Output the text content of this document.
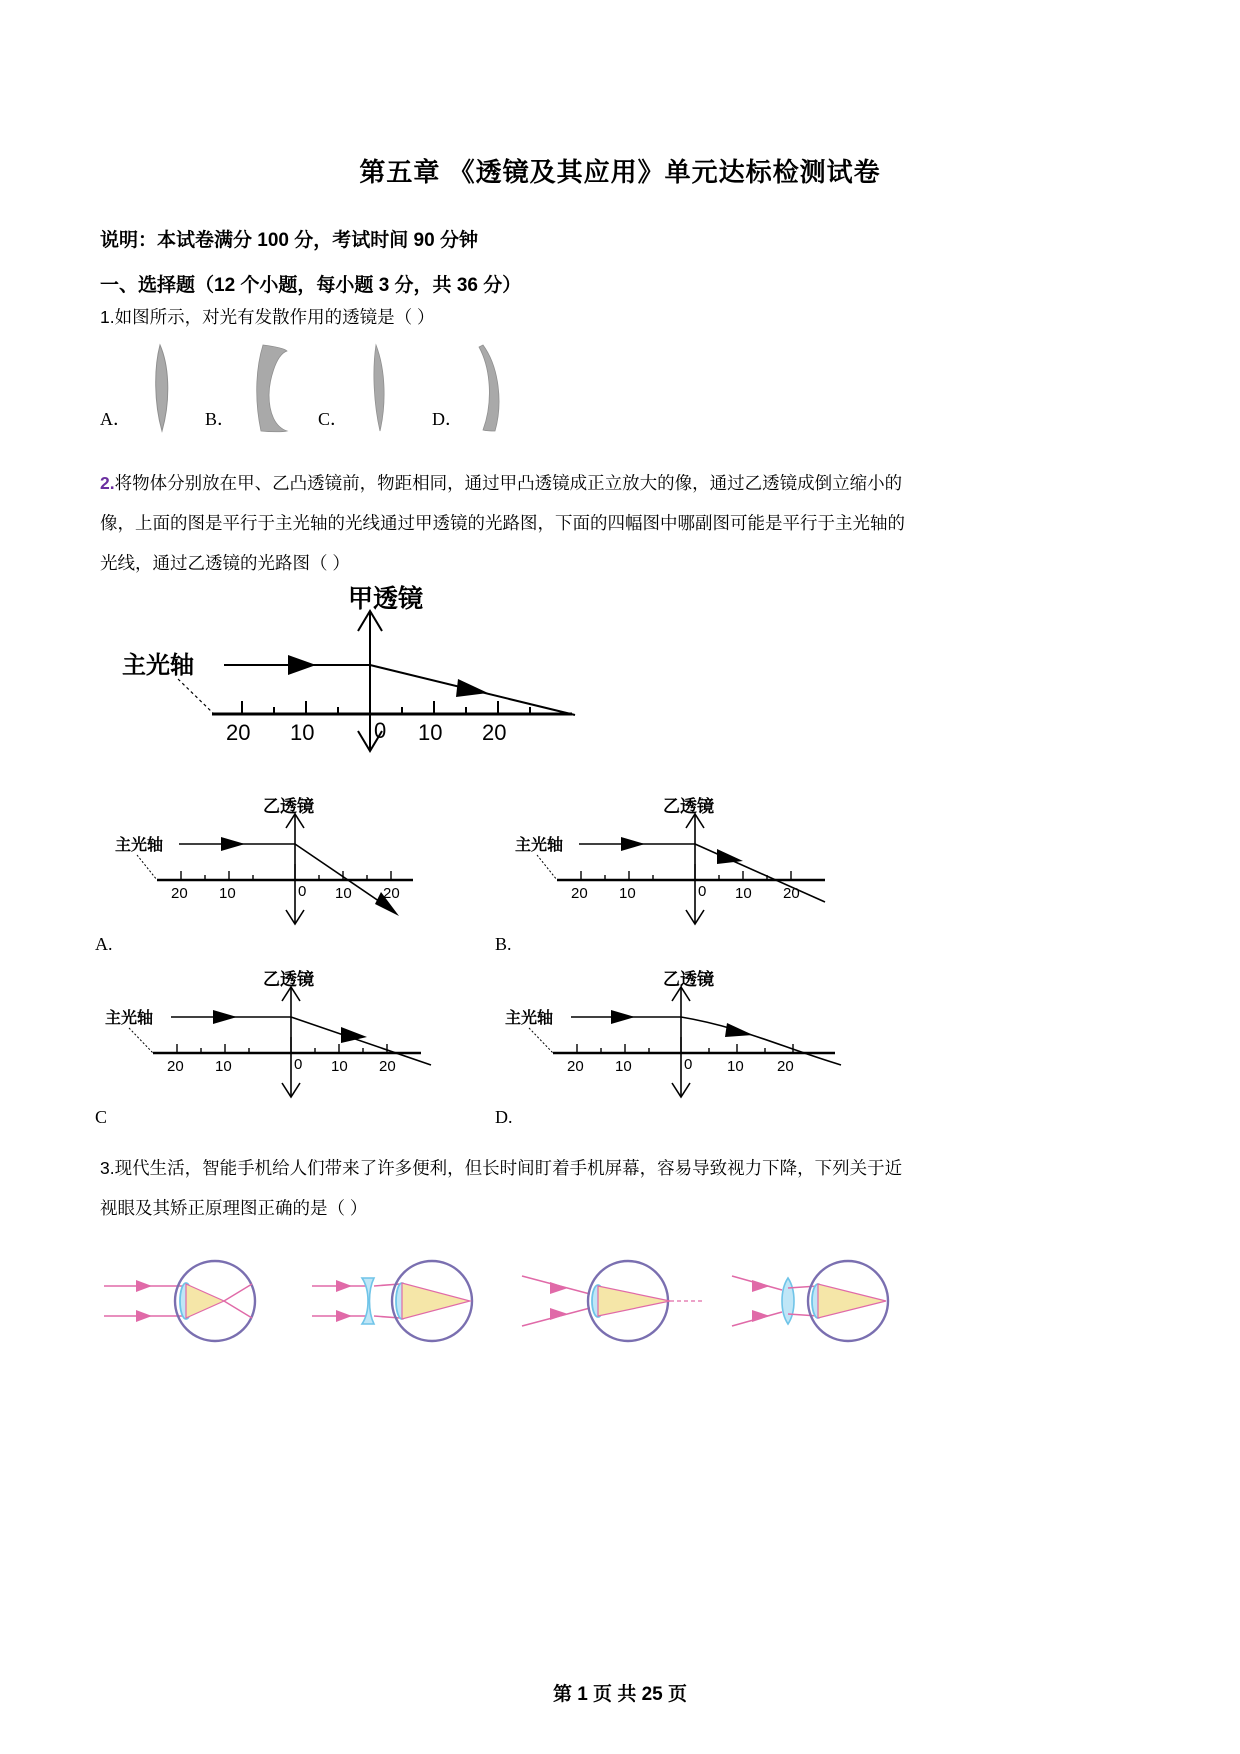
第五章 《透镜及其应用》单元达标检测试卷

说明：本试卷满分 100 分，考试时间 90 分钟

一、选择题（12 个小题，每小题 3 分，共 36 分）

1.如图所示，对光有发散作用的透镜是（ ）

A．	B．	C．	D．

2.将物体分别放在甲、乙凸透镜前，物距相同，通过甲凸透镜成正立放大的像，通过乙透镜成倒立缩小的

像，上面的图是平行于主光轴的光线通过甲透镜的光路图，下面的四幅图中哪副图可能是平行于主光轴的

光线，通过乙透镜的光路图（ ）

甲透镜
主光轴
20 10	0 10 20
乙透镜
主光轴
20 10	0 10 20
A.
乙透镜
主光轴
20 10	0 10 20
B.
乙透镜
主光轴
20 10	0 10 20
C
乙透镜
主光轴
20 10	0 10 20
D.

3.现代生活，智能手机给人们带来了许多便利，但长时间盯着手机屏幕，容易导致视力下降，下列关于近

视眼及其矫正原理图正确的是（ ）

第 1 页 共 25 页
